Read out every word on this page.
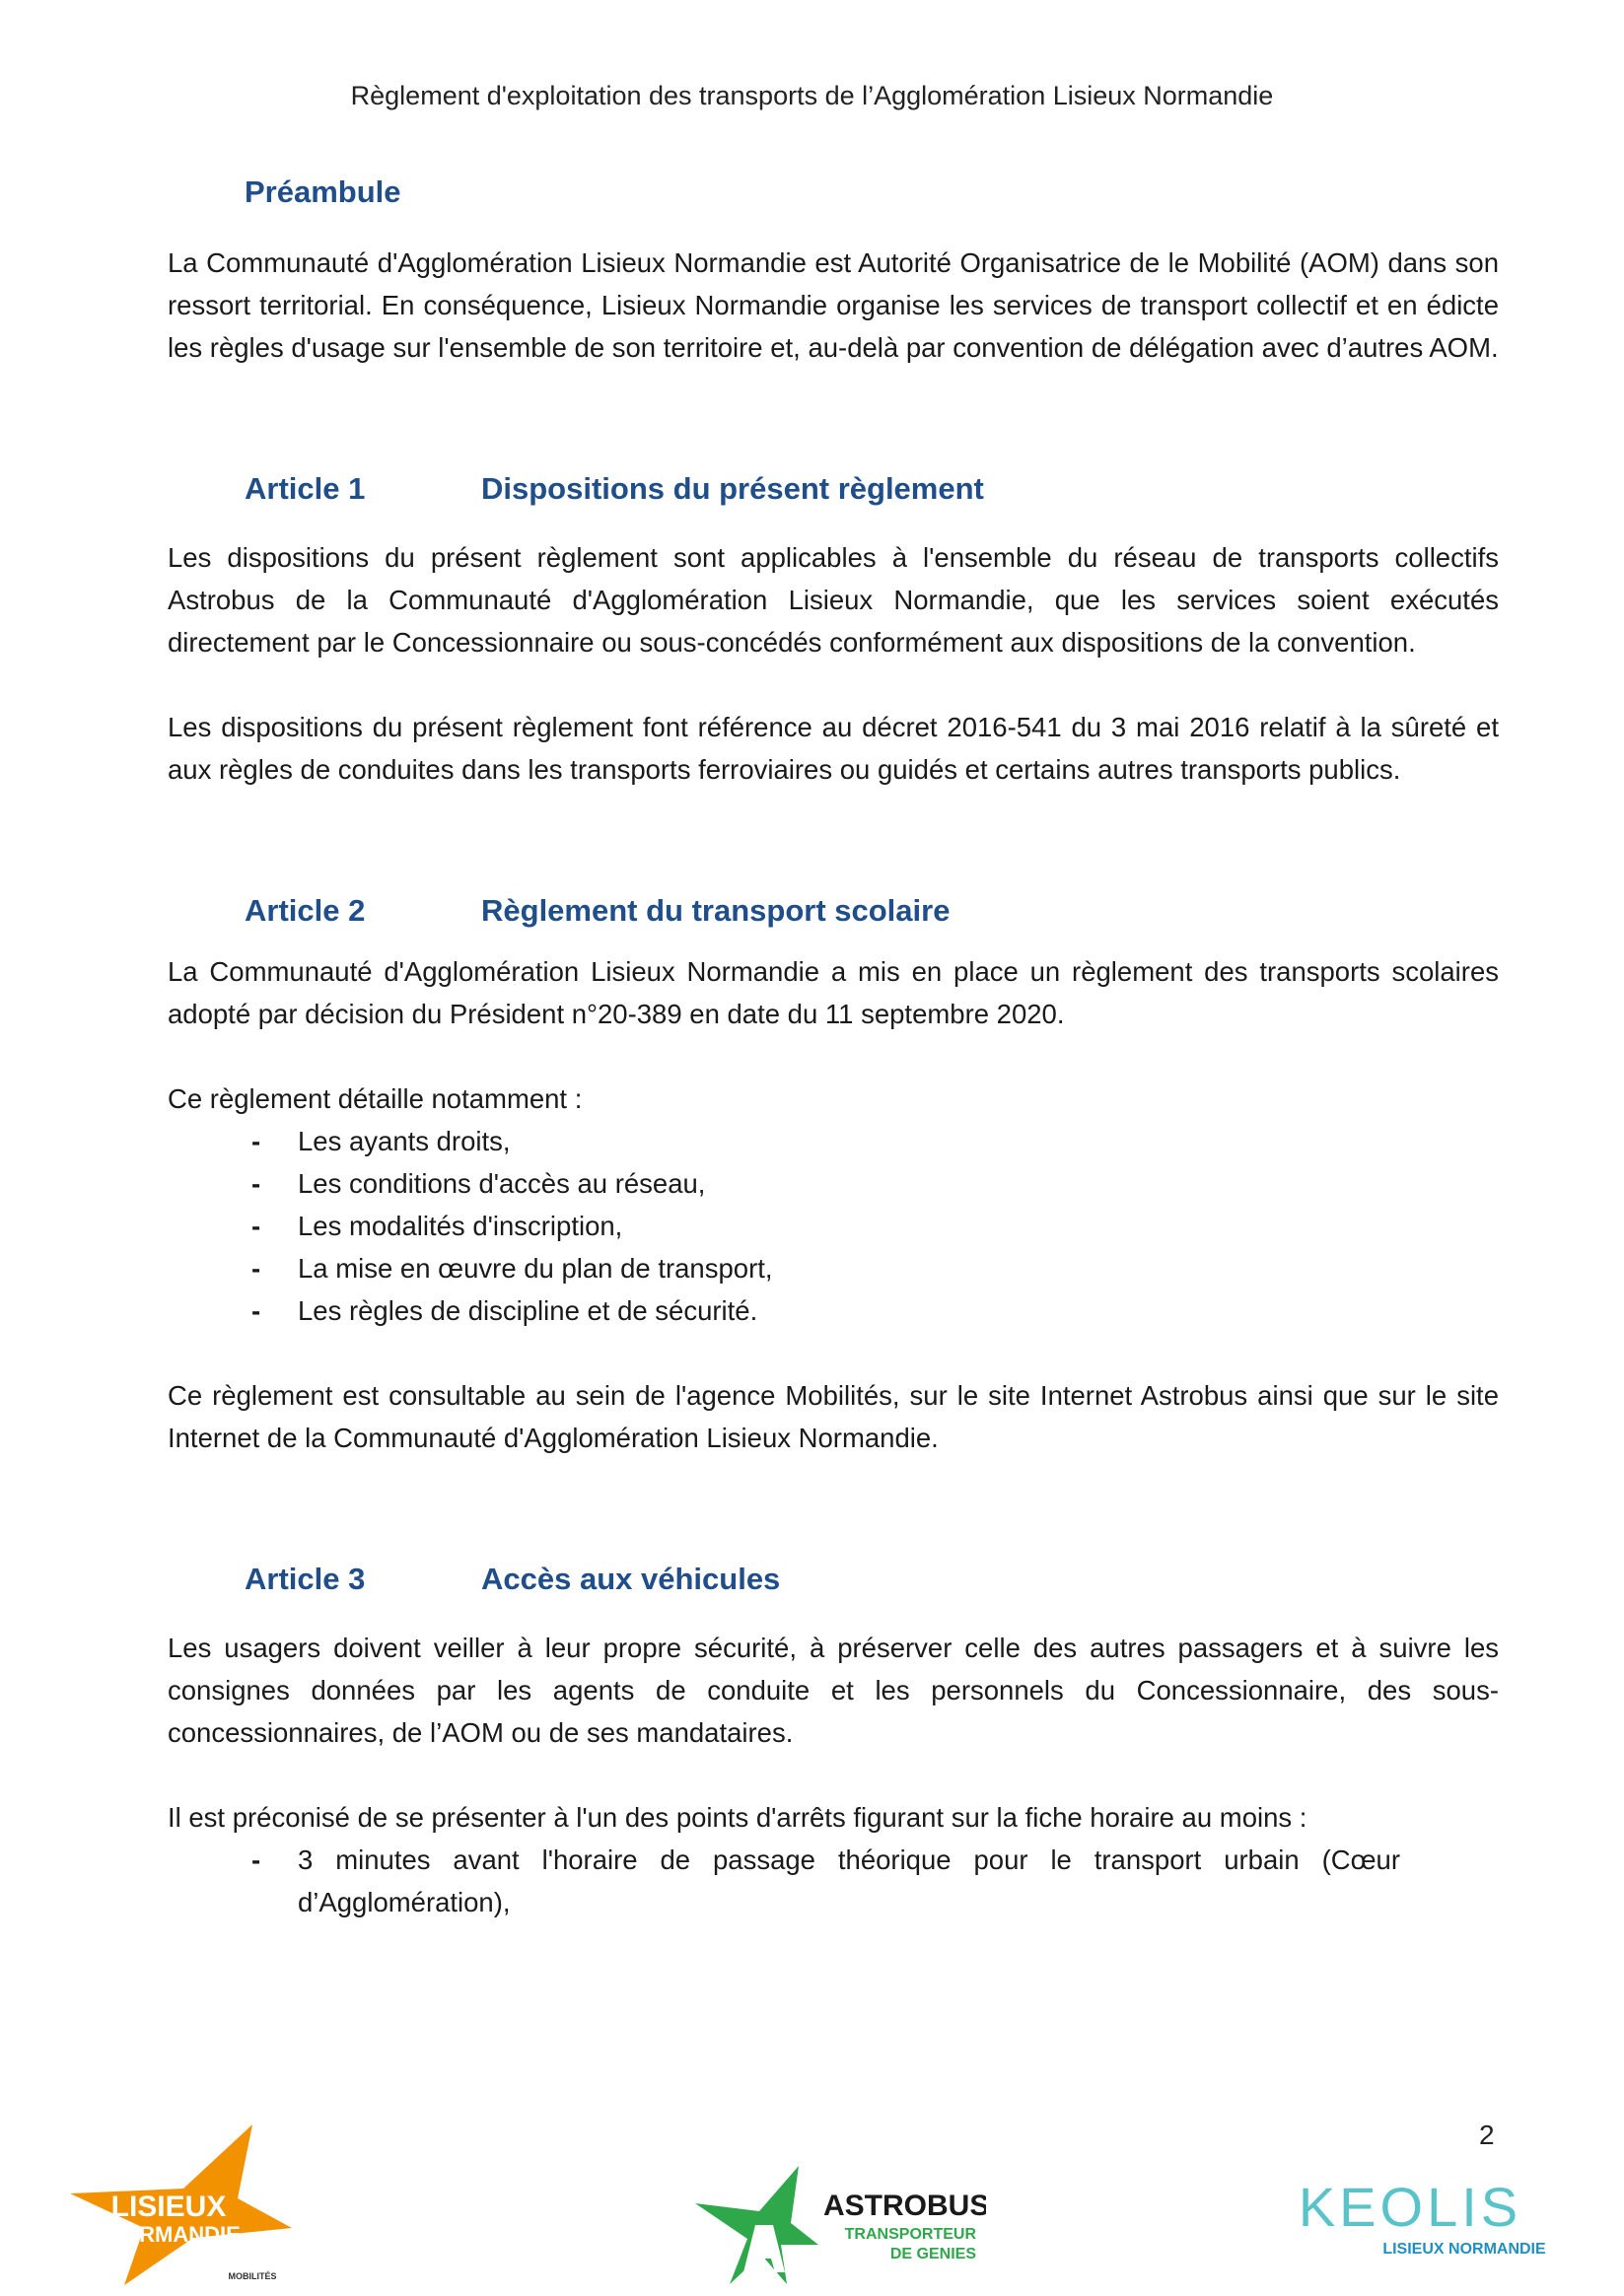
Règlement d'exploitation des transports de l’Agglomération Lisieux Normandie
Préambule

La Communauté d'Agglomération Lisieux Normandie est Autorité Organisatrice de le Mobilité (AOM) dans son ressort territorial. En conséquence, Lisieux Normandie organise les services de transport collectif et en édicte les règles d'usage sur l'ensemble de son territoire et, au-delà par convention de délégation avec d’autres AOM.

Article 1	Dispositions du présent règlement

Les dispositions du présent règlement sont applicables à l'ensemble du réseau de transports collectifs Astrobus de la Communauté d'Agglomération Lisieux Normandie, que les services soient exécutés directement par le Concessionnaire ou sous-concédés conformément aux dispositions de la convention.

Les dispositions du présent règlement font référence au décret 2016-541 du 3 mai 2016 relatif à la sûreté et aux règles de conduites dans les transports ferroviaires ou guidés et certains autres transports publics.

Article 2	Règlement du transport scolaire

La Communauté d'Agglomération Lisieux Normandie a mis en place un règlement des transports scolaires adopté par décision du Président n°20-389 en date du 11 septembre 2020.

Ce règlement détaille notamment :

- Les ayants droits,
- Les conditions d'accès au réseau,
- Les modalités d'inscription,
- La mise en œuvre du plan de transport,
- Les règles de discipline et de sécurité.

Ce règlement est consultable au sein de l'agence Mobilités, sur le site Internet Astrobus ainsi que sur le site Internet de la Communauté d'Agglomération Lisieux Normandie.

Article 3	Accès aux véhicules

Les usagers doivent veiller à leur propre sécurité, à préserver celle des autres passagers et à suivre les consignes données par les agents de conduite et les personnels du Concessionnaire, des sous-concessionnaires, de l’AOM ou de ses mandataires.

Il est préconisé de se présenter à l'un des points d'arrêts figurant sur la fiche horaire au moins :

- 3 minutes avant l'horaire de passage théorique pour le transport urbain (Cœur d’Agglomération),
2
LISIEUX
NORMANDIE
MOBILITÉS
ASTROBUS
TRANSPORTEUR
DE GENIES
KEOLIS
LISIEUX NORMANDIE
